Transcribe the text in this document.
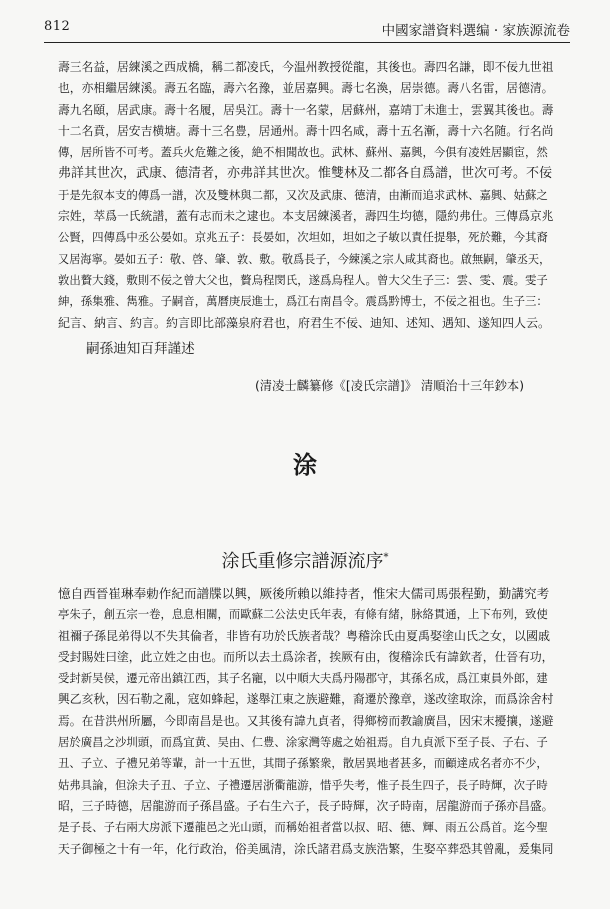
812	中國家譜資料選编 · 家族源流卷

壽三名益，居練溪之西成橋，稱二都凌氏，今温州教授從龍，其後也。壽四名謙，即不佞九世祖

也，亦相繼居練溪。壽五名臨，壽六名豫，並居嘉興。壽七名渙，居崇德。壽八名雷，居德清。

壽九名頤，居武康。壽十名履，居吳江。壽十一名蒙，居蘇州，嘉靖丁未進士，雲翼其後也。壽

十二名賁，居安吉横塘。壽十三名豊，居通州。壽十四名咸，壽十五名漸，壽十六名随。行名尚

傳，居所皆不可考。蓋兵火危難之後，絶不相聞故也。武林、蘇州、嘉興，今俱有凌姓居顯宦，然

弗詳其世次，武康、德清者，亦弗詳其世次。惟雙林及二都各自爲譜，世次可考。不佞

于是先叙本支的傳爲一譜，次及雙林與二都，又次及武康、德清，由漸而追求武林、嘉興、姑蘇之

宗姓，萃爲一氏統譜，蓋有志而未之逮也。本支居練溪者，壽四生均德，隱約弗仕。三傳爲京兆

公賢，四傳爲中丞公晏如。京兆五子：長晏如，次坦如，坦如之子敏以責任提舉，死於難，今其裔

又居海寧。晏如五子：敬、啓、肇、敦、敷。敬爲長子，今練溪之宗人咸其裔也。啟無嗣，肇丞天，

敦出贅大錢，敷則不佞之曾大父也，贅烏程閔氏，遂爲烏程人。曾大父生子三：雲、雯、震。雯子

紳，孫集雅、雋雅。子嗣音，萬曆庚辰進士，爲江右南昌令。震爲黔博士，不佞之祖也。生子三：

紀言、納言、約言。約言即比部藻泉府君也，府君生不佞、迪知、述知、遇知、遂知四人云。

嗣孫迪知百拜謹述
(清凌士麟纂修《[凌氏宗譜]》 清順治十三年鈔本)
涂
涂氏重修宗譜源流序*

憶自西晉崔琳奉勅作紀而譜牒以興，厥後所賴以維持者，惟宋大儒司馬張程勤，勤講究考

亭朱子，創五宗一卷，息息相關，而歐蘇二公法史氏年表，有條有緒，脉絡貫通，上下布列，致使

祖禰子孫昆弟得以不失其倫者，非皆有功於氏族者哉？粤稽涂氏由夏禹娶塗山氏之女，以國戚

受封賜姓曰塗，此立姓之由也。而所以去土爲涂者，挨厥有由，復稽涂氏有諱欽者，仕晉有功，

受封新吴侯，遷元帝出鎮江西，其子名寵，以中順大夫爲丹陽郡守，其孫名成，爲江東員外郎，建

興乙亥秋，因石勒之亂，寇如蜂起，遂舉江東之族避難，裔遷於豫章，遂改塗取涂，而爲涂舍村

焉。在昔洪州所屬，今即南昌是也。又其後有諱九貞者，得鄉榜而教諭廣昌，因宋末擾攘，遂避

居於廣昌之沙圳頭，而爲宜黄、吴由、仁豊、涂家灣等處之始祖焉。自九貞派下至子長、子右、子

丑、子立、子禮兄弟等輩，計一十五世，其間子孫繁衆，散居異地者甚多，而顧達成名者亦不少，

姑弗具論，但涂夫子丑、子立、子禮遷居浙衢龍游，惜乎失考，惟子長生四子，長子時輝，次子時

昭，三子時德，居龍游而子孫昌盛。子右生六子，長子時輝，次子時南，居龍游而子孫亦昌盛。

是子長、子右兩大房派下遷龍邑之光山頭，而稱始祖者當以叔、昭、德、輝、雨五公爲首。迄今聖

天子御極之十有一年，化行政治，俗美風清，涂氏諸君爲支族浩繁，生娶卒葬恐其曾亂，爰集同
